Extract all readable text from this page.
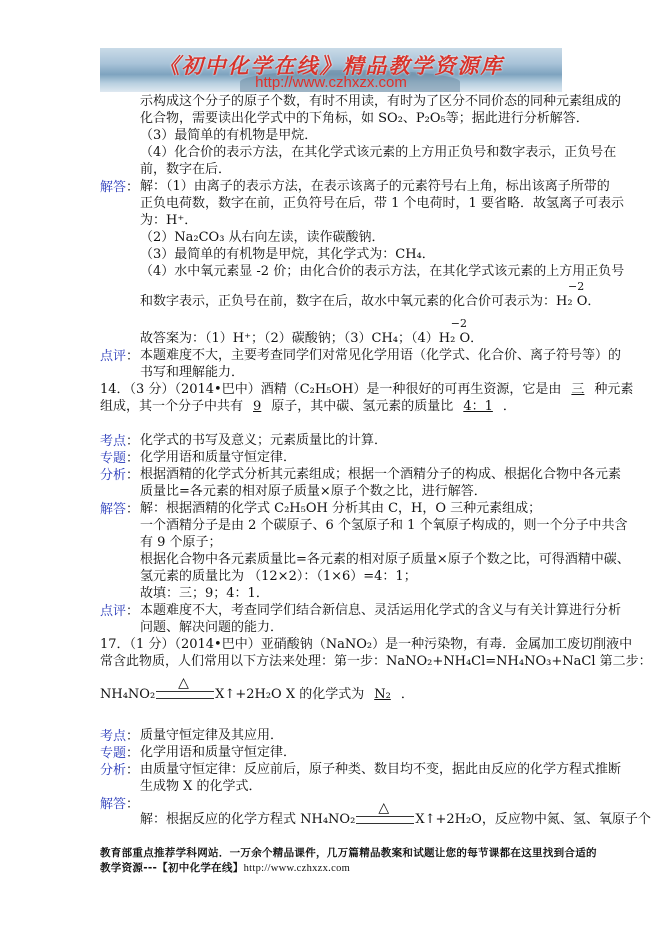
《初中化学在线》精品教学资源库
http://www.czhxzx.com
示构成这个分子的原子个数，有时不用读，有时为了区分不同价态的同种元素组成的
化合物，需要读出化学式中的下角标，如 SO₂、P₂O₅等；据此进行分析解答．
（3）最简单的有机物是甲烷．
（4）化合价的表示方法，在其化学式该元素的上方用正负号和数字表示，正负号在
前，数字在后．
解答： 解：（1）由离子的表示方法，在表示该离子的元素符号右上角，标出该离子所带的
正负电荷数，数字在前，正负符号在后，带 1 个电荷时，1 要省略．故氢离子可表示
为：H⁺．
（2）Na₂CO₃ 从右向左读，读作碳酸钠．
（3）最简单的有机物是甲烷，其化学式为：CH₄．
（4）水中氧元素显 -2 价；由化合价的表示方法，在其化学式该元素的上方用正负号
和数字表示，正负号在前，数字在后，故水中氧元素的化合价可表示为：H₂ O
−2
．
故答案为：（1）H⁺；（2）碳酸钠；（3）CH₄；（4）H₂ O
−2
．
点评： 本题难度不大，主要考查同学们对常见化学用语（化学式、化合价、离子符号等）的
书写和理解能力．
14．（3 分）（2014•巴中）酒精（C₂H₅OH）是一种很好的可再生资源，它是由 三 种元素
组成，其一个分子中共有 9 原子，其中碳、氢元素的质量比 4：1 ．
考点： 化学式的书写及意义；元素质量比的计算．
专题： 化学用语和质量守恒定律．
分析： 根据酒精的化学式分析其元素组成；根据一个酒精分子的构成、根据化合物中各元素
质量比=各元素的相对原子质量×原子个数之比，进行解答．
解答： 解：根据酒精的化学式 C₂H₅OH 分析其由 C，H，O 三种元素组成；
一个酒精分子是由 2 个碳原子、6 个氢原子和 1 个氧原子构成的，则一个分子中共含
有 9 个原子；
根据化合物中各元素质量比=各元素的相对原子质量×原子个数之比，可得酒精中碳、
氢元素的质量比为 （12×2）：（1×6）=4：1；
故填：三；9；4：1．
点评： 本题难度不大，考查同学们结合新信息、灵活运用化学式的含义与有关计算进行分析
问题、解决问题的能力．
17．（1 分）（2014•巴中）亚硝酸钠（NaNO₂）是一种污染物，有毒．金属加工废切削液中
常含此物质，人们常用以下方法来处理：第一步：NaNO₂+NH₄Cl=NH₄NO₃+NaCl 第二步：
NH₄NO₂
△
X↑+2H₂O X 的化学式为 N₂ ．
考点： 质量守恒定律及其应用．
专题： 化学用语和质量守恒定律．
分析： 由质量守恒定律：反应前后，原子种类、数目均不变，据此由反应的化学方程式推断
生成物 X 的化学式．
解答：
解：根据反应的化学方程式 NH₄NO₂
△
X↑+2H₂O，反应物中氮、氢、氧原子个
教育部重点推荐学科网站．一万余个精品课件，几万篇精品教案和试题让您的每节课都在这里找到合适的
教学资源---【初中化学在线】http://www.czhxzx.com
